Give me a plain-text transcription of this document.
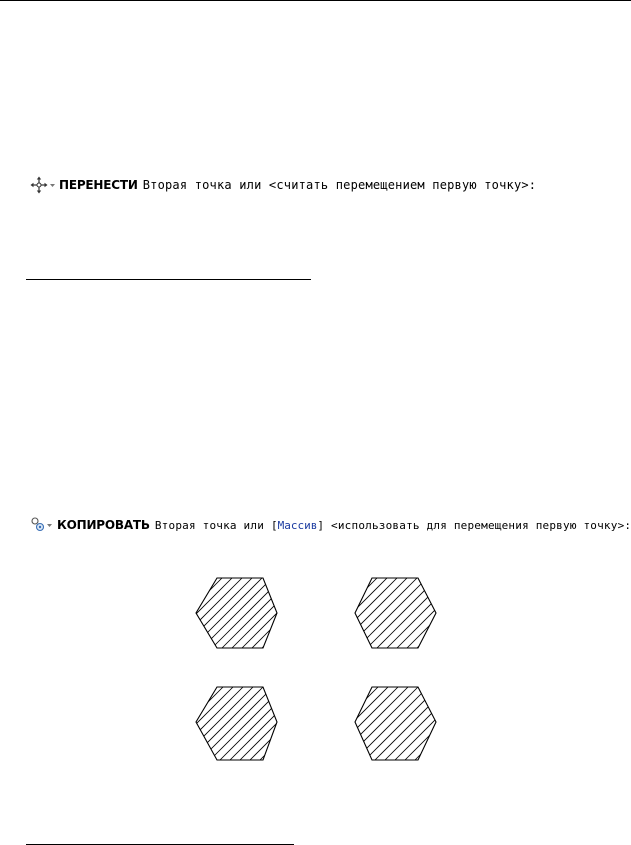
ПЕРЕНЕСТИ Вторая точка или <считать перемещением первую точку>:
КОПИРОВАТЬ Вторая точка или [ Массив ] <использовать для перемещения первую точку>:
